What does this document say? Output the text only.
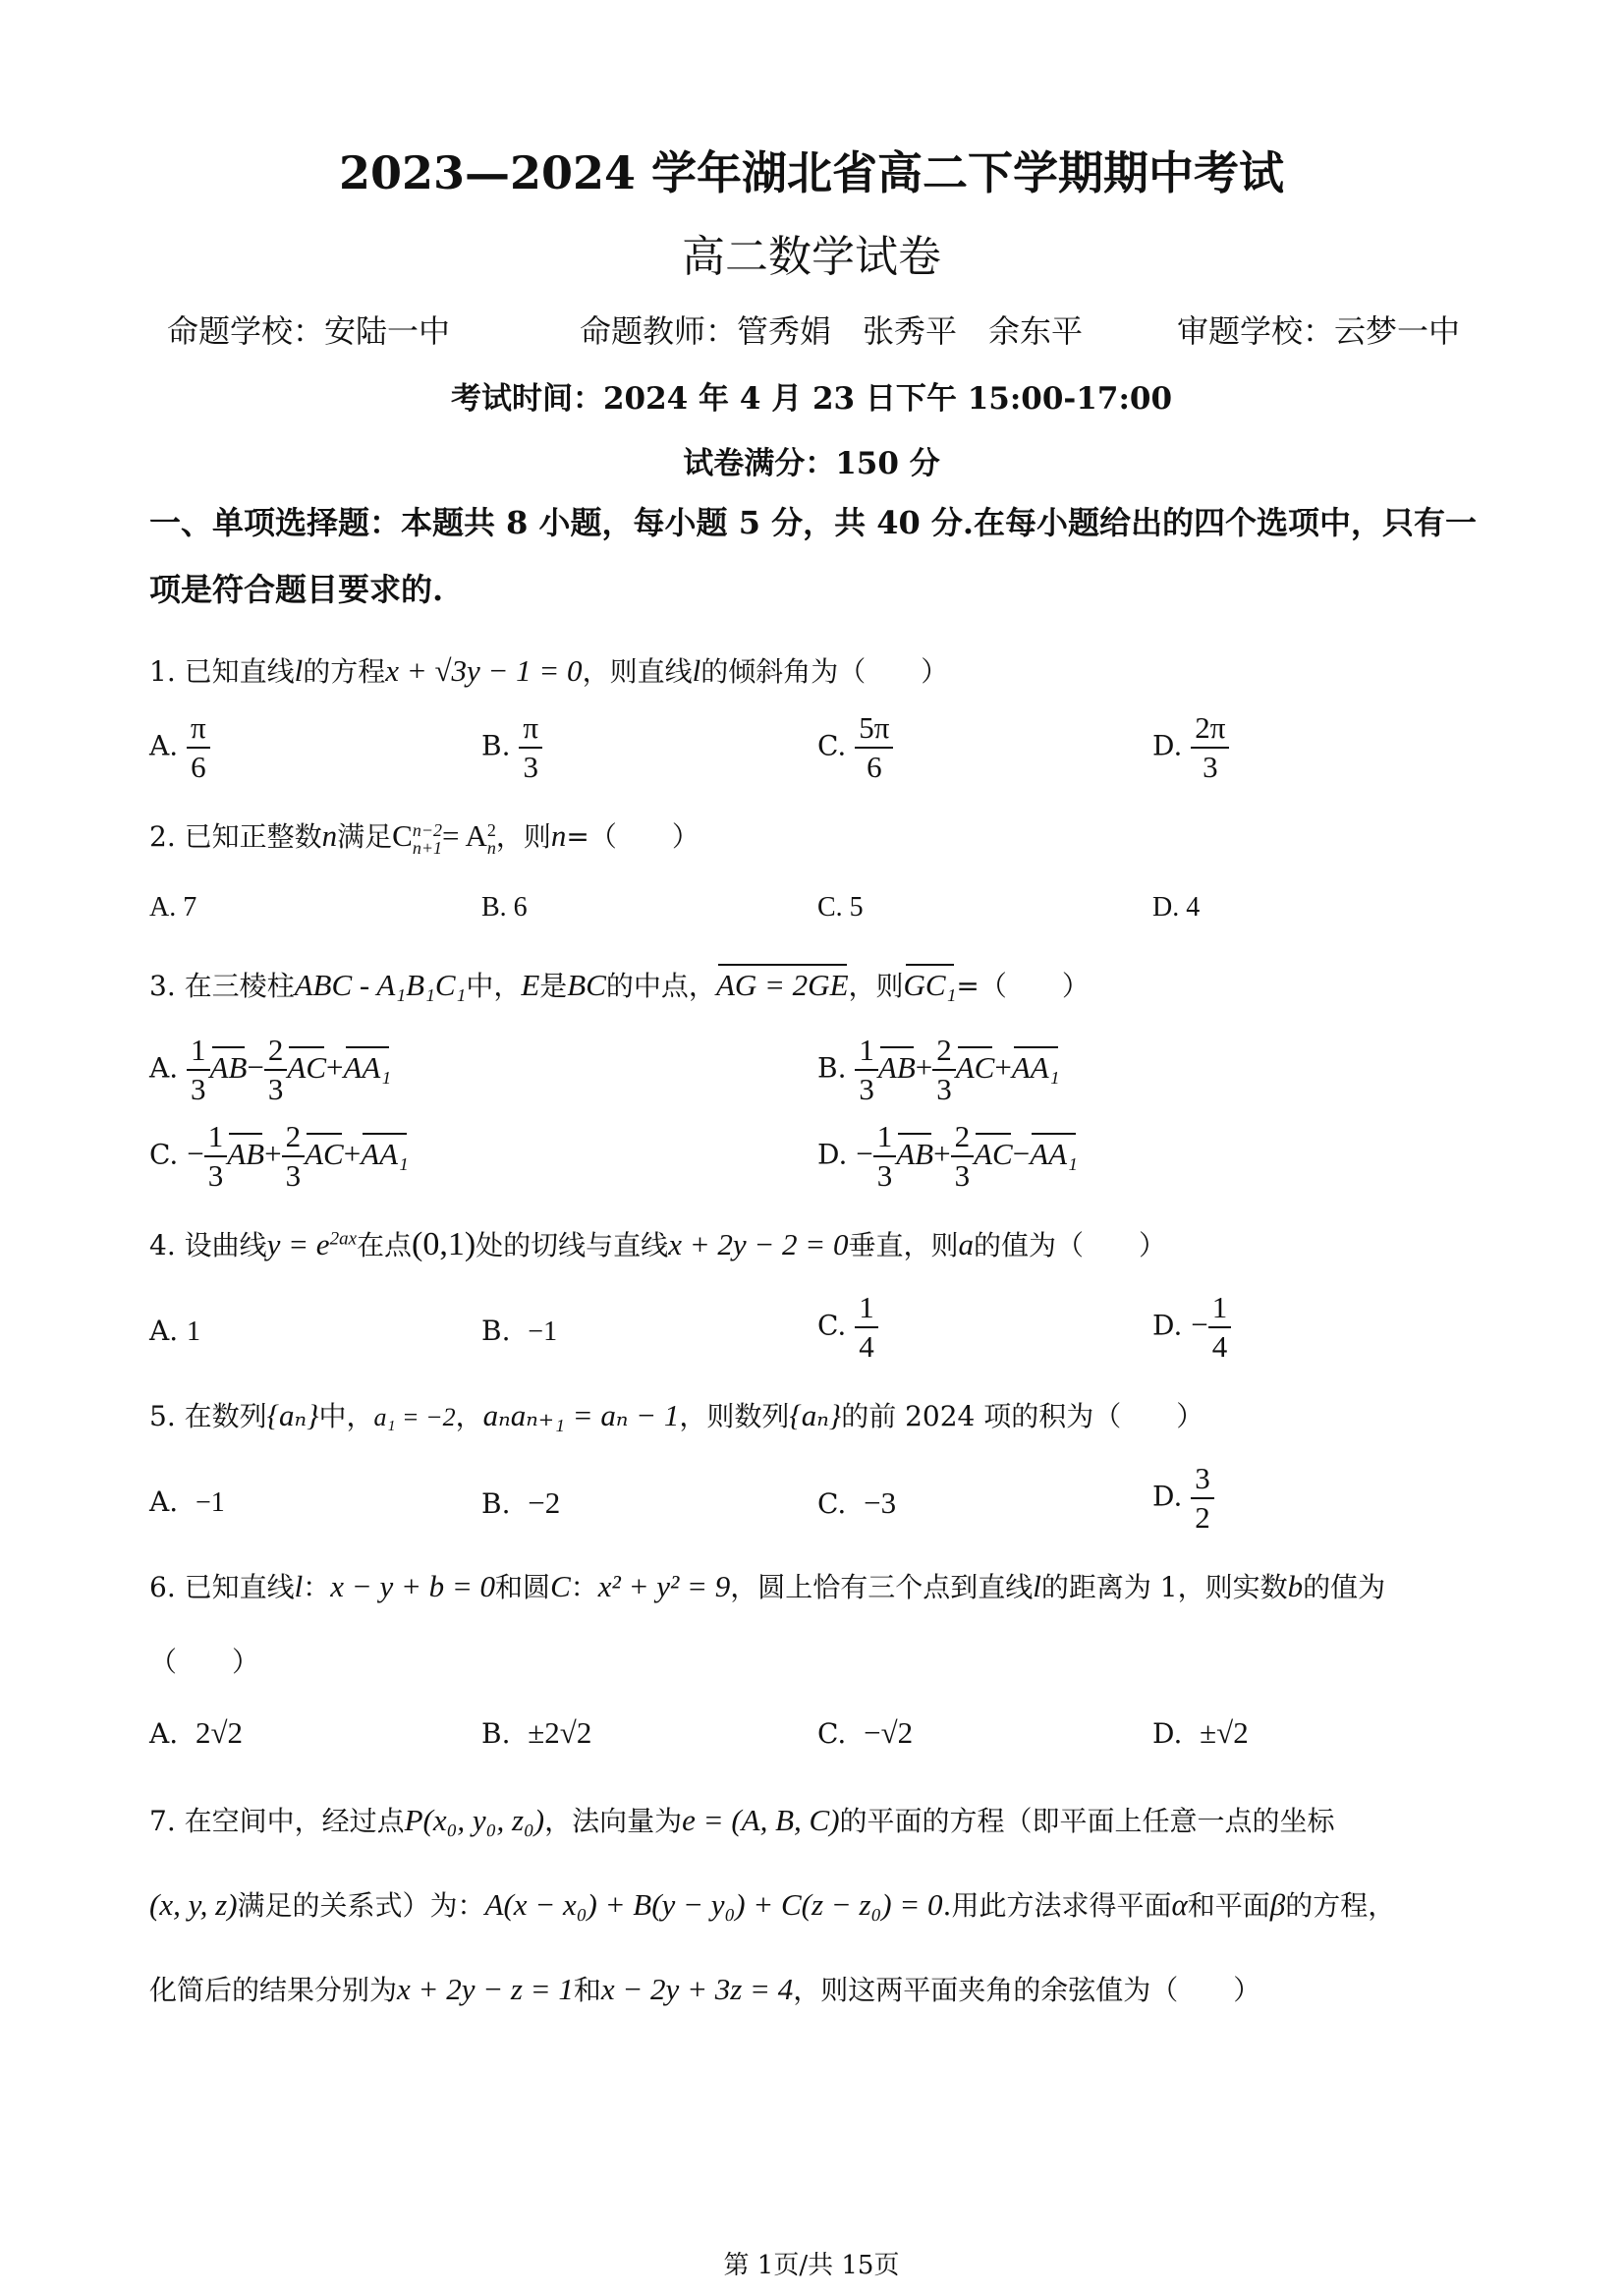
2023—2024 学年湖北省高二下学期期中考试
高二数学试卷
命题学校：安陆一中	命题教师：管秀娟　张秀平　余东平	审题学校：云梦一中
考试时间：2024 年 4 月 23 日下午 15:00-17:00
试卷满分：150 分
一、单项选择题：本题共 8 小题，每小题 5 分，共 40 分.在每小题给出的四个选项中，只有一
项是符合题目要求的.
1. 已知直线l的方程x + √3y − 1 = 0，则直线l的倾斜角为（　　）
A. $\frac{\pi}{6}$	B. $\frac{\pi}{3}$	C. $\frac{5\pi}{6}$	D. $\frac{2\pi}{3}$
2. 已知正整数n满足C n−2
n+1 = A 2
n ，则n=（　　）
A. 7	B. 6	C. 5	D. 4
3. 在三棱柱ABC - A₁B₁C₁中，E是BC的中点，AG = 2GE，则GC₁=（　　）
A. $\frac{1}{3} AB- \frac{2}{3} AC+AA_1$	B. $\frac{1}{3} AB+ \frac{2}{3} AC+AA_1$
C. − $\frac{1}{3} AB+ \frac{2}{3} AC+AA_1$	D. − $\frac{1}{3} AB+ \frac{2}{3} AC-AA_1$
4. 设曲线$y = e^{2ax}$在点(0,1)处的切线与直线x + 2y − 2 = 0垂直，则a的值为（　　）
A. 1	B. −1	C. $\frac{1}{4}$	D. − $\frac{1}{4}$
5. 在数列{aₙ}中，a₁ = −2，aₙaₙ₊₁ = aₙ − 1，则数列{aₙ}的前 2024 项的积为（　　）
A. −1	B. −2	C. −3	D. $\frac{3}{2}$
6. 已知直线l：x − y + b = 0和圆C：x² + y² = 9，圆上恰有三个点到直线l的距离为 1，则实数b的值为
（　　）
A. 2√2	B. ±2√2	C. −√2	D. ±√2
7. 在空间中，经过点P(x₀, y₀, z₀)，法向量为e = (A, B, C)的平面的方程（即平面上任意一点的坐标
(x, y, z)满足的关系式）为：A(x − x₀) + B(y − y₀) + C(z − z₀) = 0.用此方法求得平面α和平面β的方程，
化简后的结果分别为x + 2y − z = 1和x − 2y + 3z = 4，则这两平面夹角的余弦值为（　　）
第 1页/共 15页
